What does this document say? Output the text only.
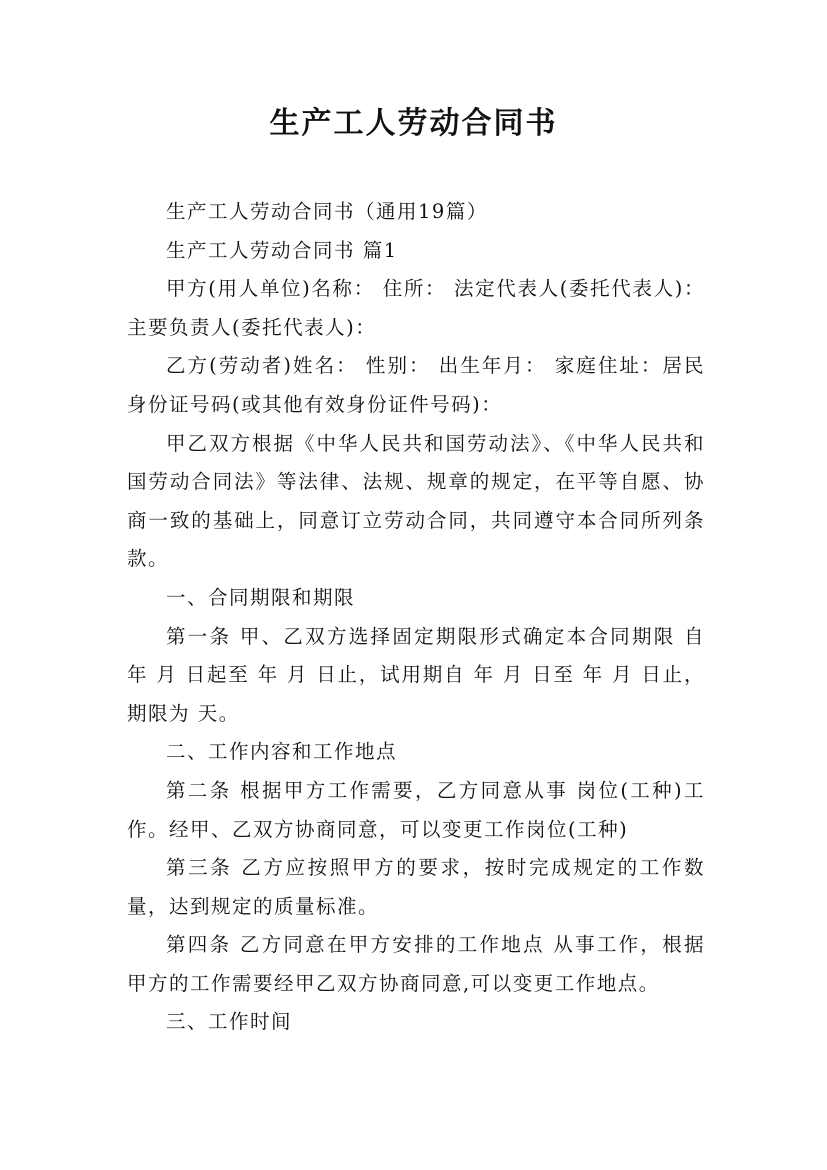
生产工人劳动合同书

生产工人劳动合同书（通用19篇）

生产工人劳动合同书 篇1

甲方(用人单位)名称： 住所： 法定代表人(委托代表人)： 主要负责人(委托代表人)：

乙方(劳动者)姓名： 性别： 出生年月： 家庭住址：居民身份证号码(或其他有效身份证件号码)：

甲乙双方根据《中华人民共和国劳动法》、《中华人民共和国劳动合同法》等法律、法规、规章的规定，在平等自愿、协商一致的基础上，同意订立劳动合同，共同遵守本合同所列条款。

一、合同期限和期限

第一条 甲、乙双方选择固定期限形式确定本合同期限 自 年 月 日起至 年 月 日止，试用期自 年 月 日至 年 月 日止，期限为 天。

二、工作内容和工作地点

第二条 根据甲方工作需要，乙方同意从事 岗位(工种)工作。经甲、乙双方协商同意，可以变更工作岗位(工种)

第三条 乙方应按照甲方的要求，按时完成规定的工作数量，达到规定的质量标准。

第四条 乙方同意在甲方安排的工作地点 从事工作，根据甲方的工作需要经甲乙双方协商同意,可以变更工作地点。

三、工作时间
